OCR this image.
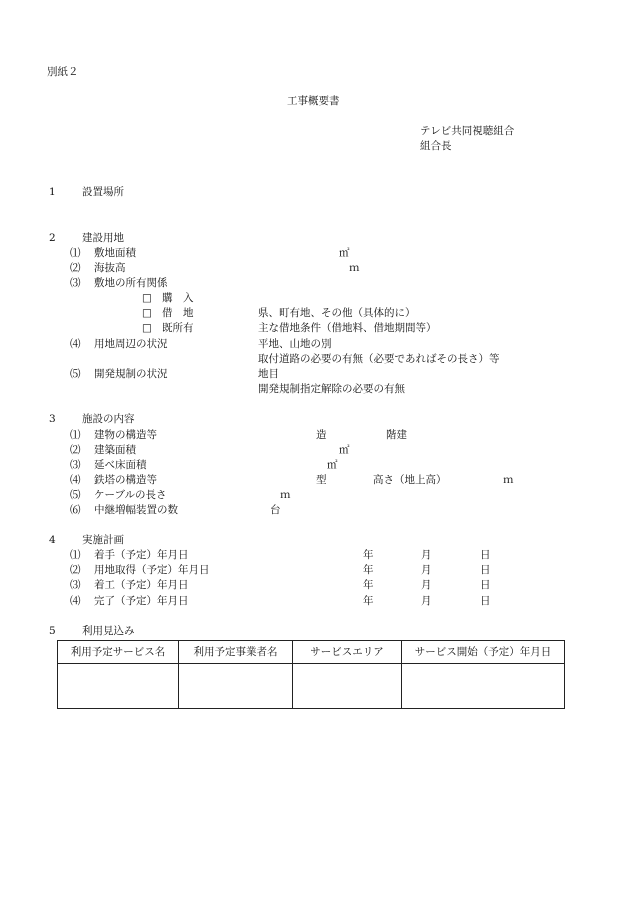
別紙２
工事概要書
テレビ共同視聴組合
組合長
1	設置場所
2	建設用地
⑴ 敷地面積	㎡
⑵ 海抜高	ｍ
⑶ 敷地の所有関係
□ 購　入
□ 借　地	県、町有地、その他（具体的に）
□ 既所有	主な借地条件（借地料、借地期間等）
⑷ 用地周辺の状況	平地、山地の別
取付道路の必要の有無（必要であればその長さ）等
⑸ 開発規制の状況	地目
開発規制指定解除の必要の有無
3	施設の内容
⑴ 建物の構造等	造	階建
⑵ 建築面積	㎡
⑶ 延べ床面積	㎡
⑷ 鉄塔の構造等	型	高さ（地上高）	ｍ
⑸ ケーブルの長さ	ｍ
⑹ 中継増幅装置の数	台
4	実施計画
⑴ 着手（予定）年月日	年	月	日
⑵ 用地取得（予定）年月日	年	月	日
⑶ 着工（予定）年月日	年	月	日
⑷ 完了（予定）年月日	年	月	日
5	利用見込み
利用予定サービス名	利用予定事業者名	サービスエリア	サービス開始（予定）年月日
